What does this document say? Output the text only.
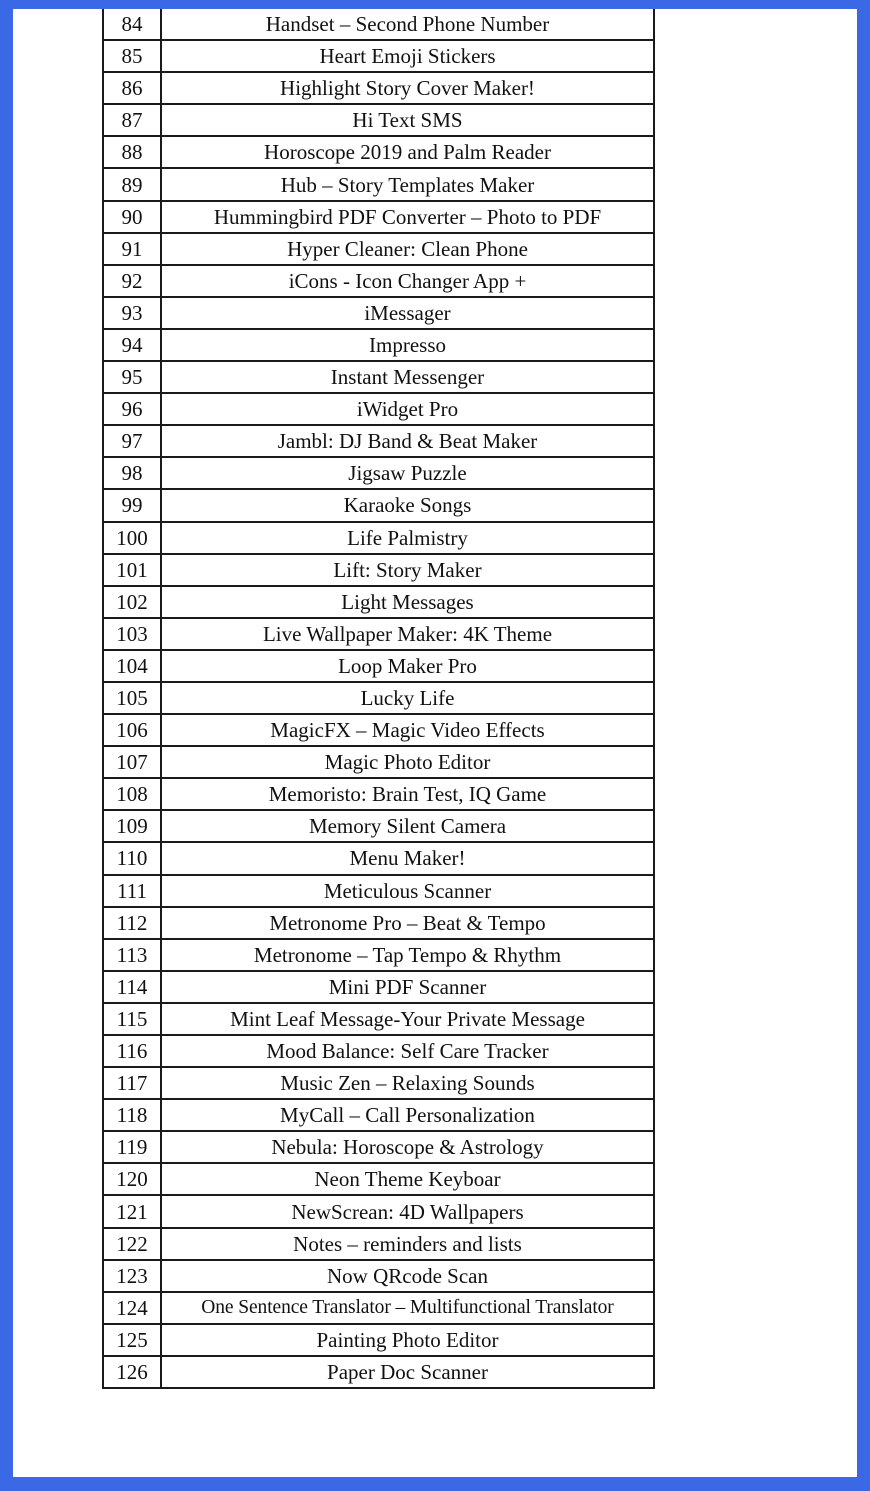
84	Handset – Second Phone Number
85	Heart Emoji Stickers
86	Highlight Story Cover Maker!
87	Hi Text SMS
88	Horoscope 2019 and Palm Reader
89	Hub – Story Templates Maker
90	Hummingbird PDF Converter – Photo to PDF
91	Hyper Cleaner: Clean Phone
92	iCons - Icon Changer App +
93	iMessager
94	Impresso
95	Instant Messenger
96	iWidget Pro
97	Jambl: DJ Band & Beat Maker
98	Jigsaw Puzzle
99	Karaoke Songs
100	Life Palmistry
101	Lift: Story Maker
102	Light Messages
103	Live Wallpaper Maker: 4K Theme
104	Loop Maker Pro
105	Lucky Life
106	MagicFX – Magic Video Effects
107	Magic Photo Editor
108	Memoristo: Brain Test, IQ Game
109	Memory Silent Camera
110	Menu Maker!
111	Meticulous Scanner
112	Metronome Pro – Beat & Tempo
113	Metronome – Tap Tempo & Rhythm
114	Mini PDF Scanner
115	Mint Leaf Message-Your Private Message
116	Mood Balance: Self Care Tracker
117	Music Zen – Relaxing Sounds
118	MyCall – Call Personalization
119	Nebula: Horoscope & Astrology
120	Neon Theme Keyboar
121	NewScrean: 4D Wallpapers
122	Notes – reminders and lists
123	Now QRcode Scan
124	One Sentence Translator – Multifunctional Translator
125	Painting Photo Editor
126	Paper Doc Scanner
